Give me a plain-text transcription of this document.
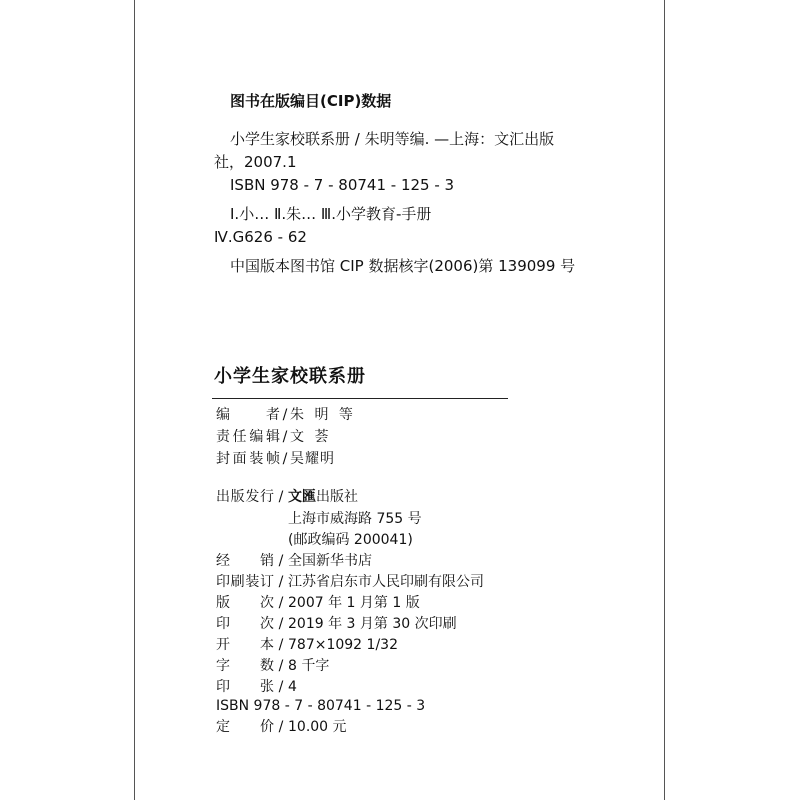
图书在版编目(CIP)数据
小学生家校联系册 / 朱明等编. —上海：文汇出版
社，2007.1
ISBN 978 - 7 - 80741 - 125 - 3
Ⅰ.小… Ⅱ.朱… Ⅲ.小学教育-手册
Ⅳ.G626 - 62
中国版本图书馆 CIP 数据核字(2006)第 139099 号
小学生家校联系册
编者 / 朱 明 等
责任编辑 / 文 荟
封面装帧 / 吴耀明
出版发行 / 文匯 出版社
上海市威海路 755 号
(邮政编码 200041)
经销 / 全国新华书店
印刷装订 / 江苏省启东市人民印刷有限公司
版次 / 2007 年 1 月第 1 版
印次 / 2019 年 3 月第 30 次印刷
开本 / 787×1092 1/32
字数 / 8 千字
印张 / 4
ISBN 978 - 7 - 80741 - 125 - 3
定价 / 10.00 元
